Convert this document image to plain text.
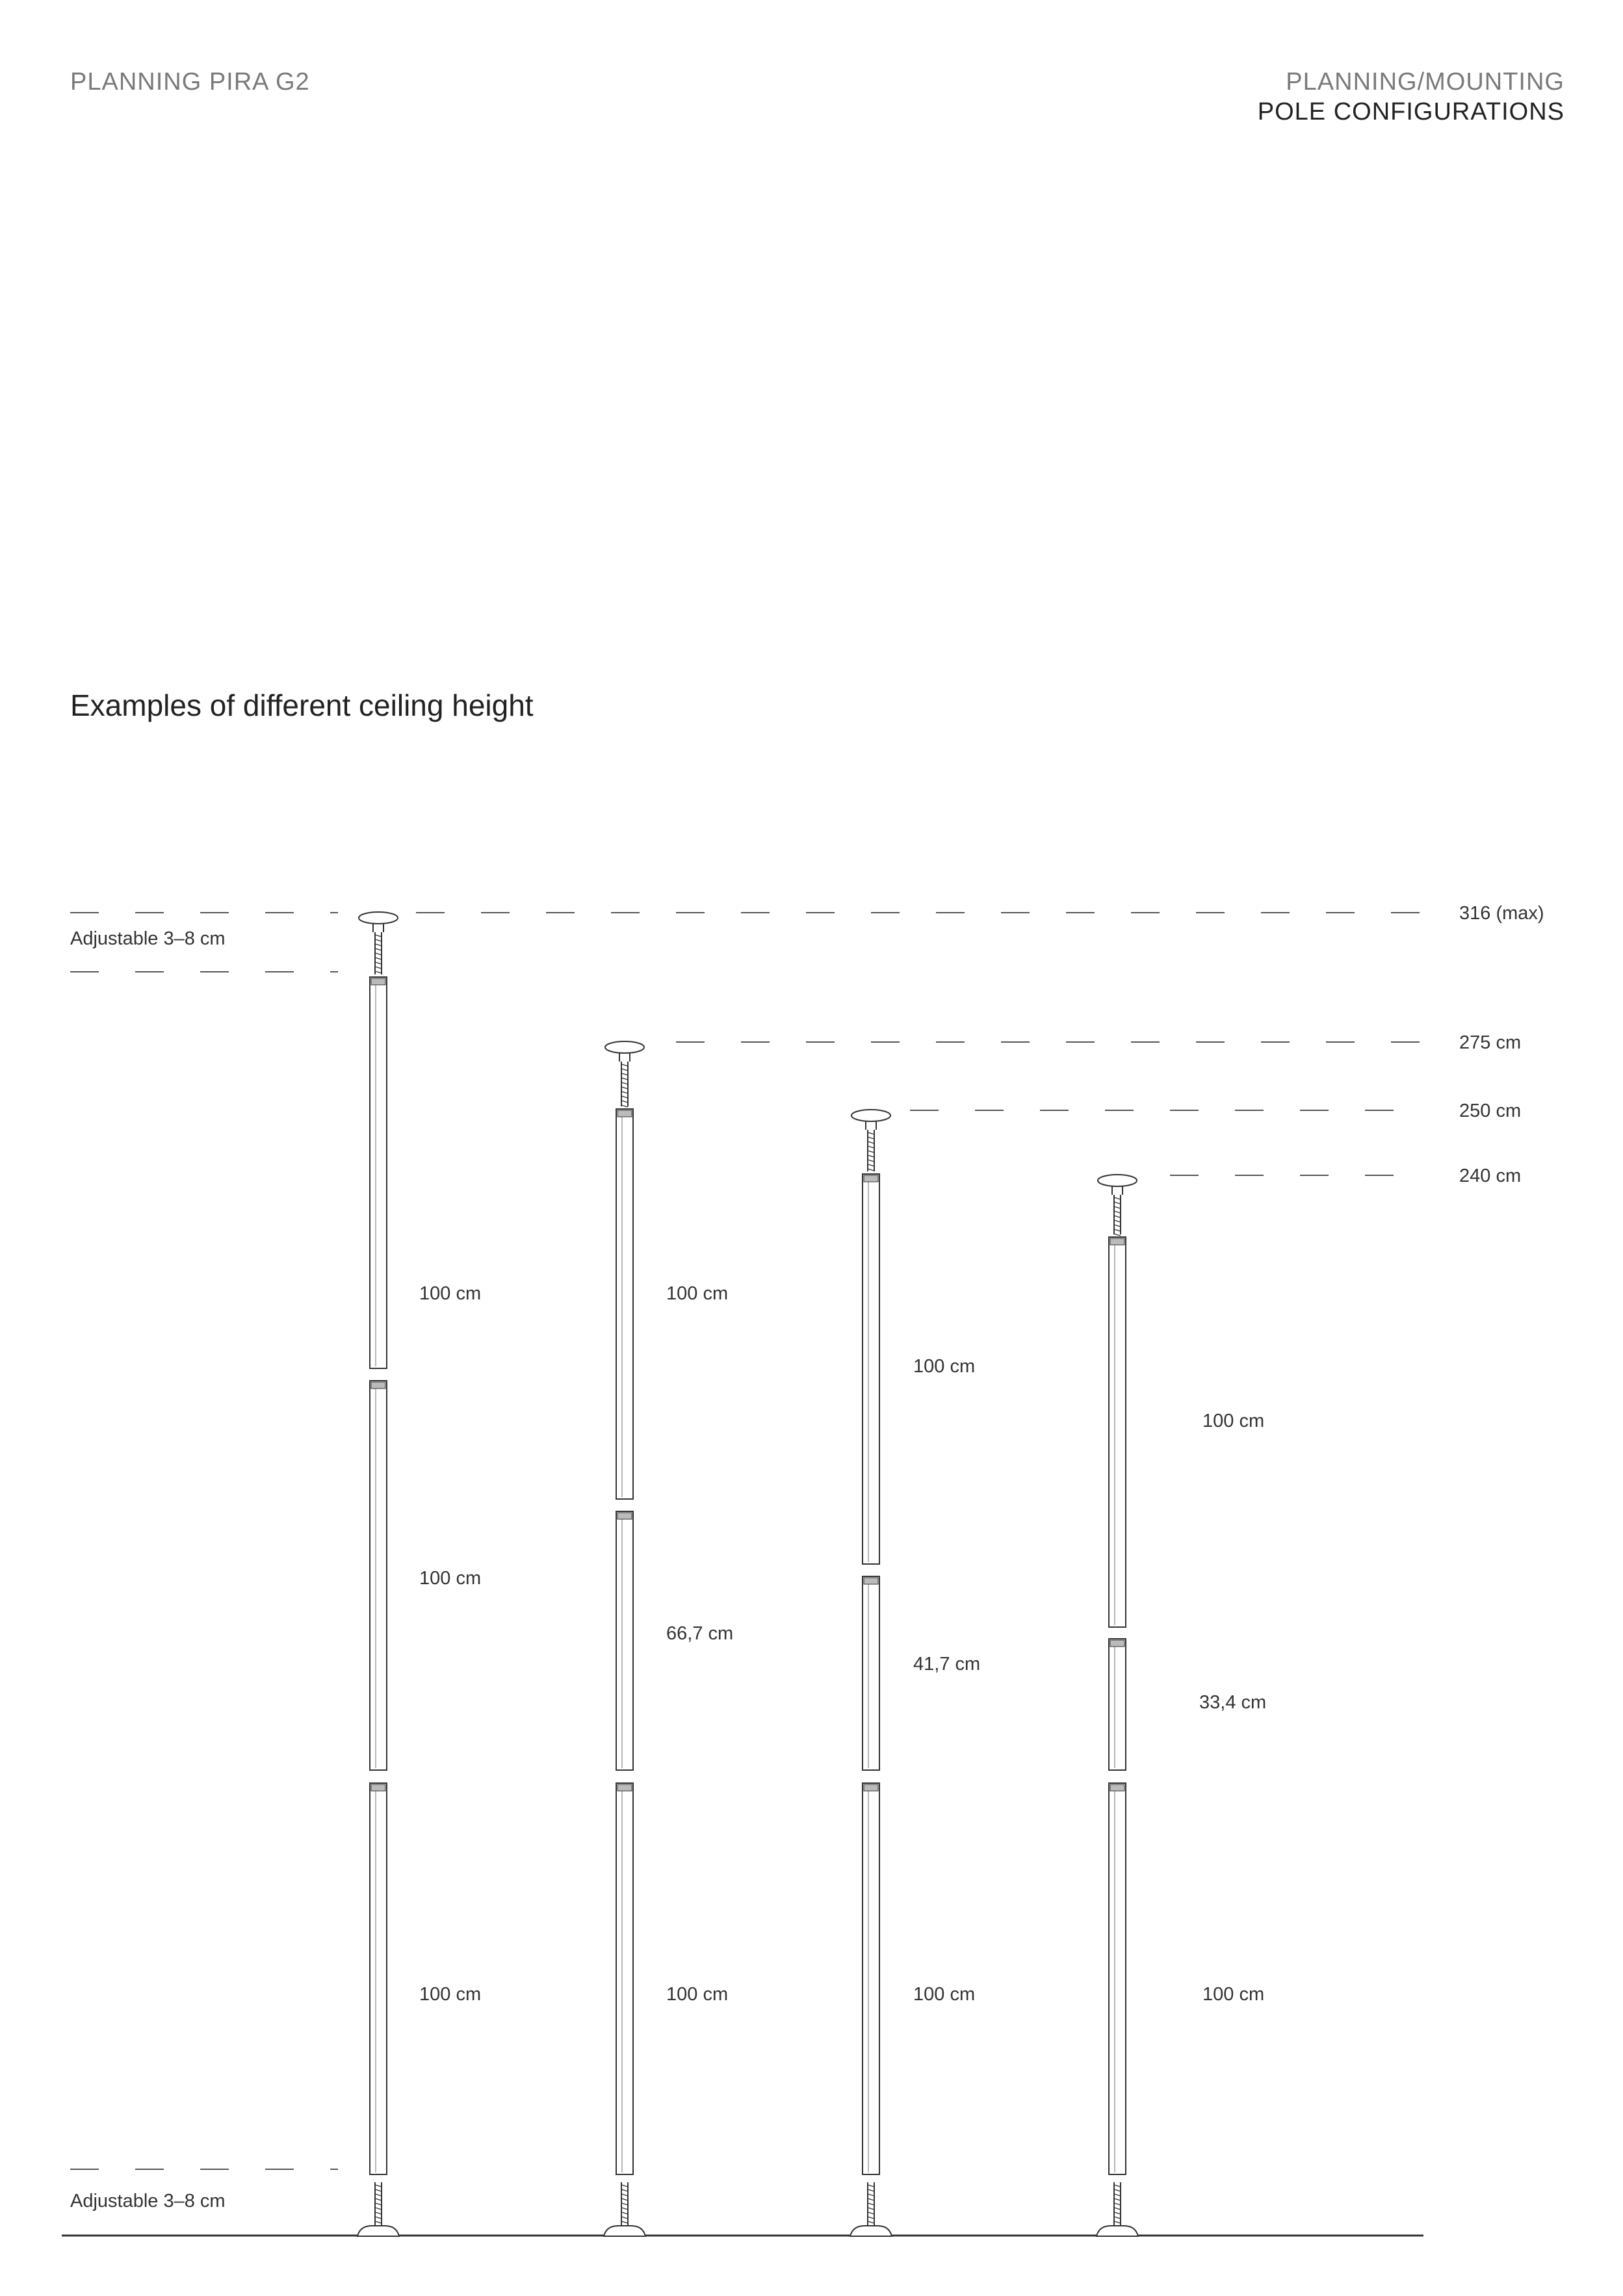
PLANNING PIRA G2	PLANNING/MOUNTING
POLE CONFIGURATIONS
Examples of different ceiling height
Adjustable 3–8 cm
Adjustable 3–8 cm
316 (max)
100 cm
100 cm
100 cm
275 cm
100 cm
66,7 cm
100 cm
250 cm
100 cm
41,7 cm
100 cm
240 cm
100 cm
33,4 cm
100 cm
